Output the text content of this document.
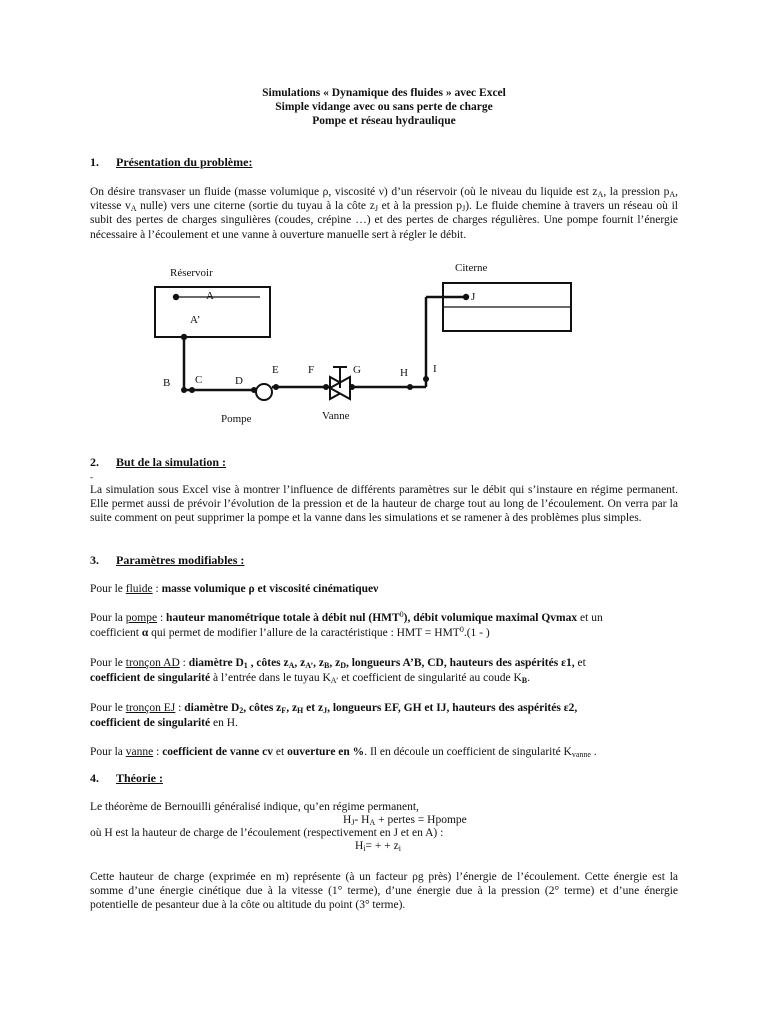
Simulations « Dynamique des fluides » avec Excel
Simple vidange avec ou sans perte de charge
Pompe et réseau hydraulique
1. Présentation du problème:
On désire transvaser un fluide (masse volumique ρ, viscosité ν) d’un réservoir (où le niveau du liquide est $z_A$, la pression $p_A$, vitesse $v_A$ nulle) vers une citerne (sortie du tuyau à la côte $z_J$ et à la pression $p_J$). Le fluide chemine à travers un réseau où il subit des pertes de charges singulières (coudes, crépine …) et des pertes de charges régulières. Une pompe fournit l’énergie nécessaire à l’écoulement et une vanne à ouverture manuelle sert à régler le débit.
Réservoir
A
A’
B C	D
Pompe
E	F
Vanne
G	H I
Citerne
J
2. But de la simulation :
-
La simulation sous Excel vise à montrer l’influence de différents paramètres sur le débit qui s’instaure en régime permanent. Elle permet aussi de prévoir l’évolution de la pression et de la hauteur de charge tout au long de l’écoulement. On verra par la suite comment on peut supprimer la pompe et la vanne dans les simulations et se ramener à des problèmes plus simples.
3. Paramètres modifiables :
Pour le fluide : masse volumique ρ et viscosité cinématiqueν
Pour la pompe : hauteur manométrique totale à débit nul (HMT$^0$), débit volumique maximal Qvmax et un
coefficient α qui permet de modifier l’allure de la caractéristique : HMT = $HMT^0.(1$ - )
Pour le tronçon AD : diamètre $D_1$ , côtes $z_A$, $z_{A’}$, $z_B$, $z_D$, longueurs A’B, CD, hauteurs des aspérités ε1, et
coefficient de singularité à l’entrée dans le tuyau $K_{A’}$ et coefficient de singularité au coude $K_B$.
Pour le tronçon EJ : diamètre $D_2$, côtes $z_F$, $z_H$ et $z_J$, longueurs EF, GH et IJ, hauteurs des aspérités ε2,
coefficient de singularité en H.
Pour la vanne : coefficient de vanne cv et ouverture en %. Il en découle un coefficient de singularité $K_{vanne}$ .
4. Théorie :
Le théorème de Bernouilli généralisé indique, qu’en régime permanent,
$H_J-$ $H_A$ + pertes = Hpompe
où H est la hauteur de charge de l’écoulement (respectivement en J et en A) :
$H_i=$ + + $z_i$
Cette hauteur de charge (exprimée en m) représente (à un facteur ρg près) l’énergie de l’écoulement. Cette énergie est la somme d’une énergie cinétique due à la vitesse (1° terme), d’une énergie due à la pression (2° terme) et d’une énergie potentielle de pesanteur due à la côte ou altitude du point (3° terme).
